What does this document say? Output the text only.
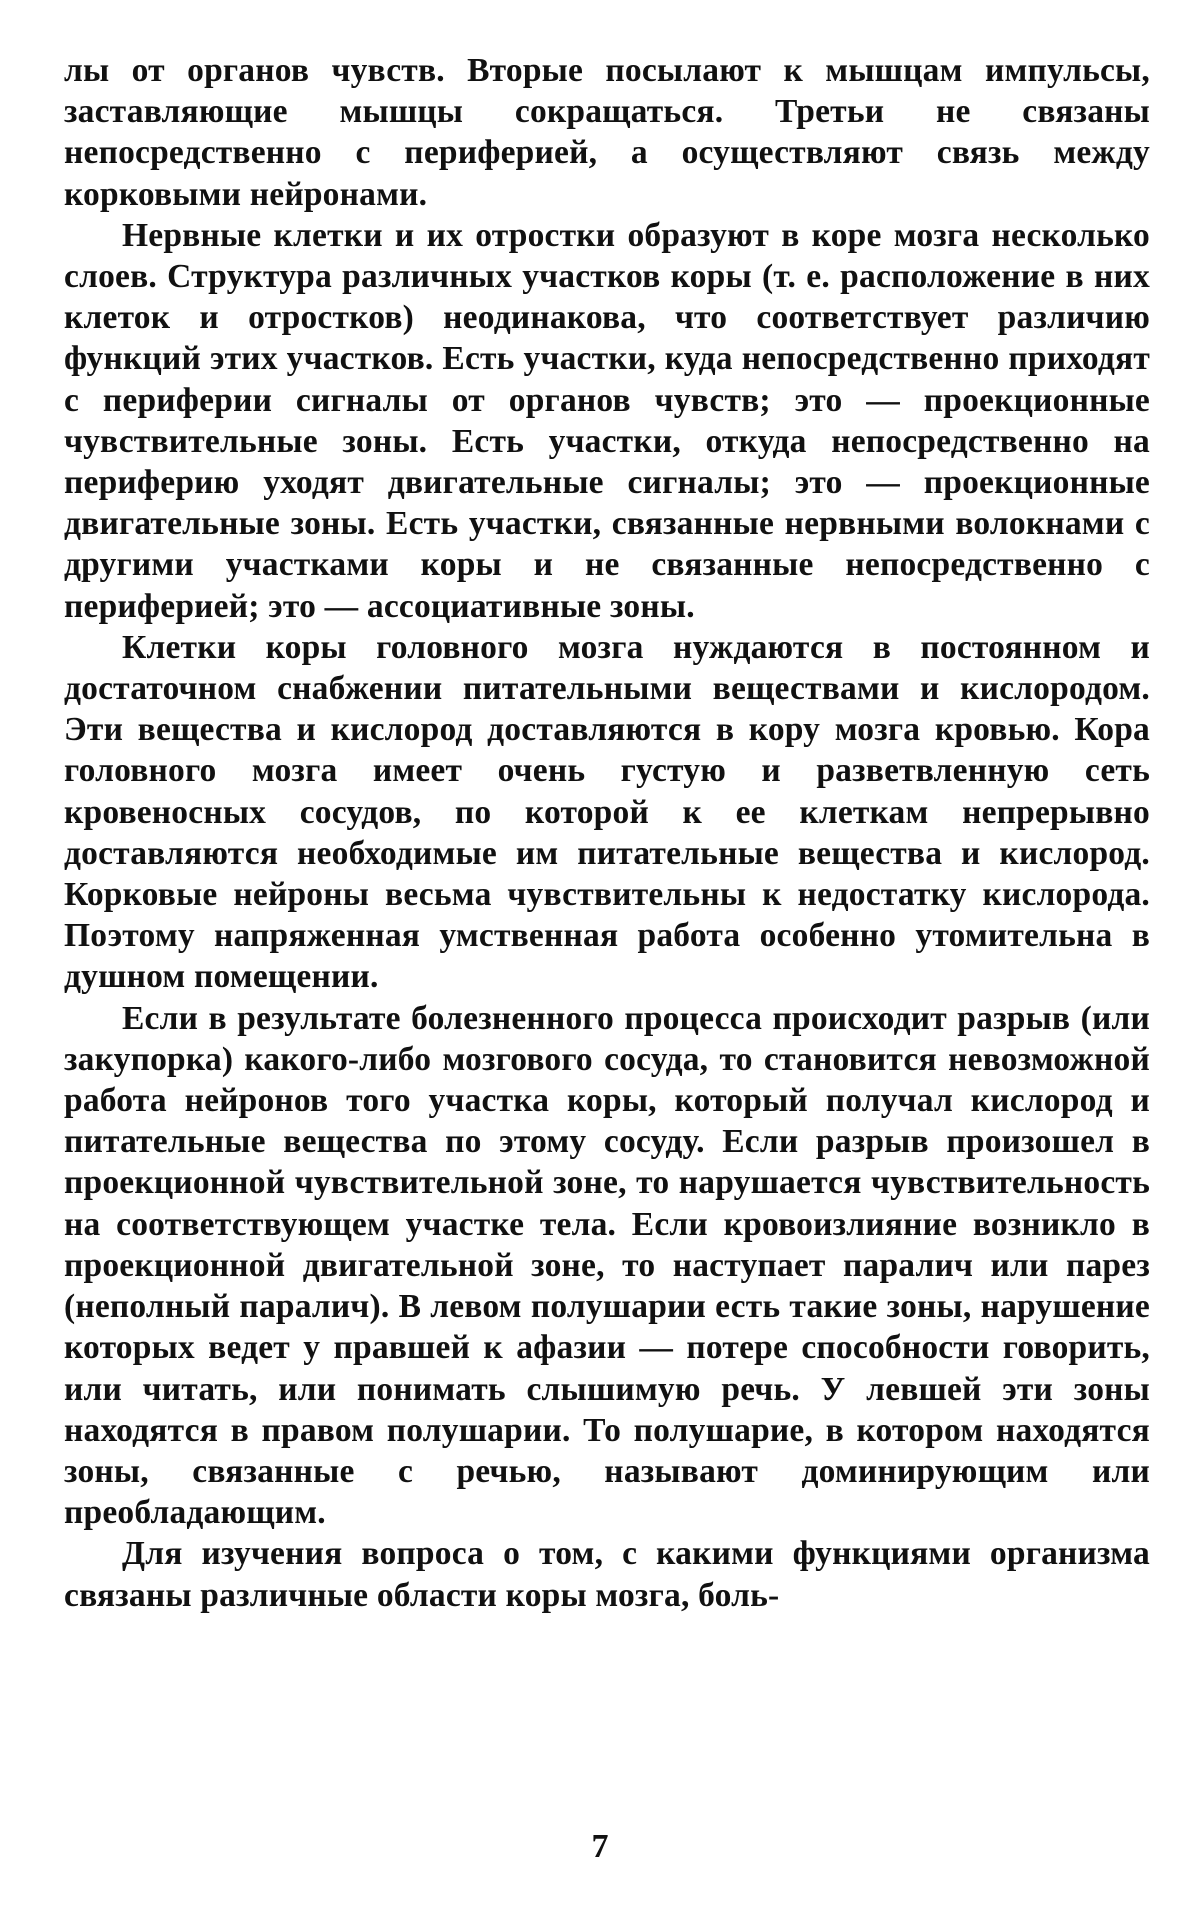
лы от органов чувств. Вторые посылают к мышцам импульсы, заставляющие мышцы сокращаться. Третьи не связаны непосредственно с периферией, а осуществляют связь между корковыми нейронами.

Нервные клетки и их отростки образуют в коре мозга несколько слоев. Структура различных участков коры (т. е. расположение в них клеток и отростков) неодинакова, что соответствует различию функций этих участков. Есть участки, куда непосредственно приходят с периферии сигналы от органов чувств; это — проекционные чувствительные зоны. Есть участки, откуда непосредственно на периферию уходят двигательные сигналы; это — проекционные двигательные зоны. Есть участки, связанные нервными волокнами с другими участками коры и не связанные непосредственно с периферией; это — ассоциативные зоны.

Клетки коры головного мозга нуждаются в постоянном и достаточном снабжении питательными веществами и кислородом. Эти вещества и кислород доставляются в кору мозга кровью. Кора головного мозга имеет очень густую и разветвленную сеть кровеносных сосудов, по которой к ее клеткам непрерывно доставляются необходимые им питательные вещества и кислород. Корковые нейроны весьма чувствительны к недостатку кислорода. Поэтому напряженная умственная работа особенно утомительна в душном помещении.

Если в результате болезненного процесса происходит разрыв (или закупорка) какого-либо мозгового сосуда, то становится невозможной работа нейронов того участка коры, который получал кислород и питательные вещества по этому сосуду. Если разрыв произошел в проекционной чувствительной зоне, то нарушается чувствительность на соответствующем участке тела. Если кровоизлияние возникло в проекционной двигательной зоне, то наступает паралич или парез (неполный паралич). В левом полушарии есть такие зоны, нарушение которых ведет у правшей к афазии — потере способности говорить, или читать, или понимать слышимую речь. У левшей эти зоны находятся в правом полушарии. То полушарие, в котором находятся зоны, связанные с речью, называют доминирующим или преобладающим.

Для изучения вопроса о том, с какими функциями организма связаны различные области коры мозга, боль-

7
